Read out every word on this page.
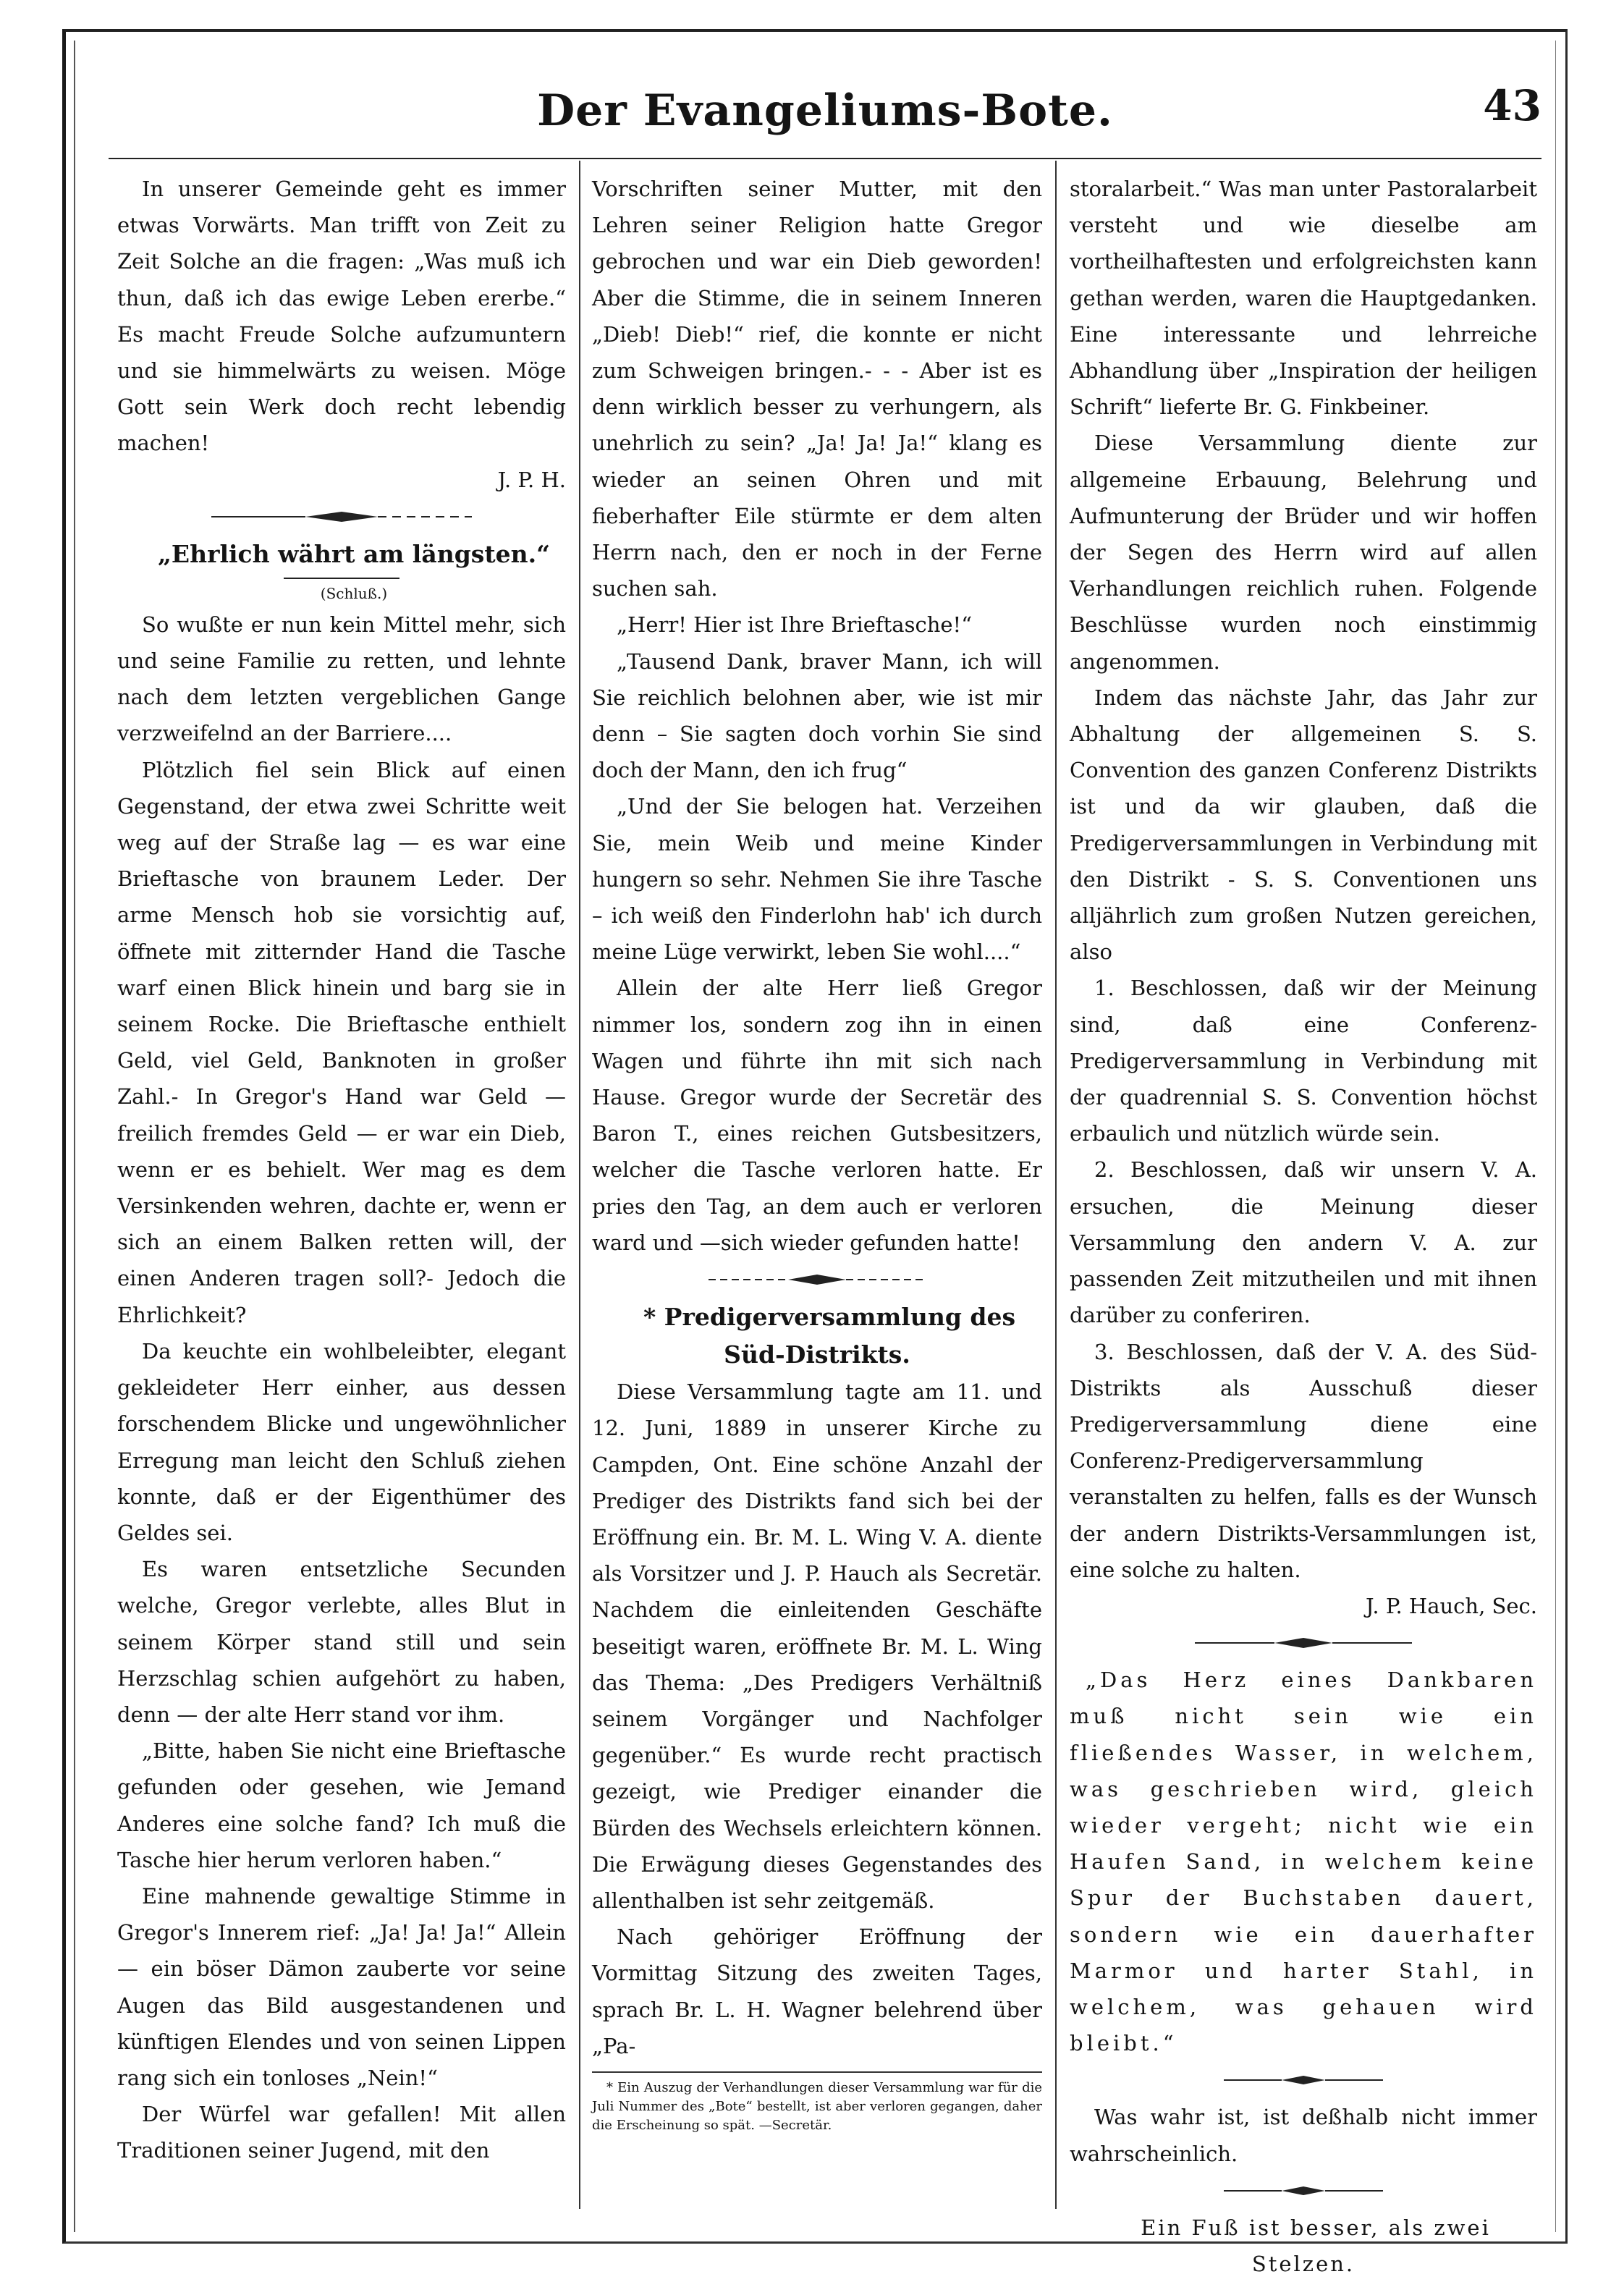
Der Evangeliums-Bote.	43

In unserer Gemeinde geht es immer etwas Vorwärts. Man trifft von Zeit zu Zeit Solche an die fragen: „Was muß ich thun, daß ich das ewige Leben ererbe.“ Es macht Freude Solche aufzumuntern und sie himmelwärts zu weisen. Möge Gott sein Werk doch recht lebendig machen!

J. P. H.

„Ehrlich währt am längsten.“

(Schluß.)

So wußte er nun kein Mittel mehr, sich und seine Familie zu retten, und lehnte nach dem letzten vergeblichen Gange verzweifelnd an der Barriere....

Plötzlich fiel sein Blick auf einen Gegenstand, der etwa zwei Schritte weit weg auf der Straße lag — es war eine Brieftasche von braunem Leder. Der arme Mensch hob sie vorsichtig auf, öffnete mit zitternder Hand die Tasche warf einen Blick hinein und barg sie in seinem Rocke. Die Brieftasche enthielt Geld, viel Geld, Banknoten in großer Zahl.- In Gregor's Hand war Geld — freilich fremdes Geld — er war ein Dieb, wenn er es behielt. Wer mag es dem Versinkenden wehren, dachte er, wenn er sich an einem Balken retten will, der einen Anderen tragen soll?- Jedoch die Ehrlichkeit?

Da keuchte ein wohlbeleibter, elegant gekleideter Herr einher, aus dessen forschendem Blicke und ungewöhnlicher Erregung man leicht den Schluß ziehen konnte, daß er der Eigenthümer des Geldes sei.

Es waren entsetzliche Secunden welche, Gregor verlebte, alles Blut in seinem Körper stand still und sein Herzschlag schien aufgehört zu haben, denn — der alte Herr stand vor ihm.

„Bitte, haben Sie nicht eine Brieftasche gefunden oder gesehen, wie Jemand Anderes eine solche fand? Ich muß die Tasche hier herum verloren haben.“

Eine mahnende gewaltige Stimme in Gregor's Innerem rief: „Ja! Ja! Ja!“ Allein — ein böser Dämon zauberte vor seine Augen das Bild ausgestandenen und künftigen Elendes und von seinen Lippen rang sich ein tonloses „Nein!“

Der Würfel war gefallen! Mit allen Traditionen seiner Jugend, mit den

Vorschriften seiner Mutter, mit den Lehren seiner Religion hatte Gregor gebrochen und war ein Dieb geworden! Aber die Stimme, die in seinem Inneren „Dieb! Dieb!“ rief, die konnte er nicht zum Schweigen bringen.- - - Aber ist es denn wirklich besser zu verhungern, als unehrlich zu sein? „Ja! Ja! Ja!“ klang es wieder an seinen Ohren und mit fieberhafter Eile stürmte er dem alten Herrn nach, den er noch in der Ferne suchen sah.

„Herr! Hier ist Ihre Brieftasche!“

„Tausend Dank, braver Mann, ich will Sie reichlich belohnen aber, wie ist mir denn – Sie sagten doch vorhin Sie sind doch der Mann, den ich frug“

„Und der Sie belogen hat. Verzeihen Sie, mein Weib und meine Kinder hungern so sehr. Nehmen Sie ihre Tasche – ich weiß den Finderlohn hab' ich durch meine Lüge verwirkt, leben Sie wohl....“

Allein der alte Herr ließ Gregor nimmer los, sondern zog ihn in einen Wagen und führte ihn mit sich nach Hause. Gregor wurde der Secretär des Baron T., eines reichen Gutsbesitzers, welcher die Tasche verloren hatte. Er pries den Tag, an dem auch er verloren ward und —sich wieder gefunden hatte!

* Predigerversammlung des Süd-Distrikts.

Diese Versammlung tagte am 11. und 12. Juni, 1889 in unserer Kirche zu Campden, Ont. Eine schöne Anzahl der Prediger des Distrikts fand sich bei der Eröffnung ein. Br. M. L. Wing V. A. diente als Vorsitzer und J. P. Hauch als Secretär. Nachdem die einleitenden Geschäfte beseitigt waren, eröffnete Br. M. L. Wing das Thema: „Des Predigers Verhältniß seinem Vorgänger und Nachfolger gegenüber.“ Es wurde recht practisch gezeigt, wie Prediger einander die Bürden des Wechsels erleichtern können. Die Erwägung dieses Gegenstandes des allenthalben ist sehr zeitgemäß.

Nach gehöriger Eröffnung der Vormittag Sitzung des zweiten Tages, sprach Br. L. H. Wagner belehrend über „Pa-

* Ein Auszug der Verhandlungen dieser Versammlung war für die Juli Nummer des „Bote“ bestellt, ist aber verloren gegangen, daher die Erscheinung so spät. —Secretär.

storalarbeit.“ Was man unter Pastoralarbeit versteht und wie dieselbe am vortheilhaftesten und erfolgreichsten kann gethan werden, waren die Hauptgedanken. Eine interessante und lehrreiche Abhandlung über „Inspiration der heiligen Schrift“ lieferte Br. G. Finkbeiner.

Diese Versammlung diente zur allgemeine Erbauung, Belehrung und Aufmunterung der Brüder und wir hoffen der Segen des Herrn wird auf allen Verhandlungen reichlich ruhen. Folgende Beschlüsse wurden noch einstimmig angenommen.

Indem das nächste Jahr, das Jahr zur Abhaltung der allgemeinen S. S. Convention des ganzen Conferenz Distrikts ist und da wir glauben, daß die Predigerversammlungen in Verbindung mit den Distrikt - S. S. Conventionen uns alljährlich zum großen Nutzen gereichen, also

1. Beschlossen, daß wir der Meinung sind, daß eine Conferenz-Predigerversammlung in Verbindung mit der quadrennial S. S. Convention höchst erbaulich und nützlich würde sein.

2. Beschlossen, daß wir unsern V. A. ersuchen, die Meinung dieser Versammlung den andern V. A. zur passenden Zeit mitzutheilen und mit ihnen darüber zu conferiren.

3. Beschlossen, daß der V. A. des Süd-Distrikts als Ausschuß dieser Predigerversammlung diene eine Conferenz-Predigerversammlung veranstalten zu helfen, falls es der Wunsch der andern Distrikts-Versammlungen ist, eine solche zu halten.

J. P. Hauch, Sec.

„Das Herz eines Dankbaren muß nicht sein wie ein fließendes Wasser, in welchem, was geschrieben wird, gleich wieder vergeht; nicht wie ein Haufen Sand, in welchem keine Spur der Buchstaben dauert, sondern wie ein dauerhafter Marmor und harter Stahl, in welchem, was gehauen wird bleibt.“

Was wahr ist, ist deßhalb nicht immer wahrscheinlich.

Ein Fuß ist besser, als zwei Stelzen.
